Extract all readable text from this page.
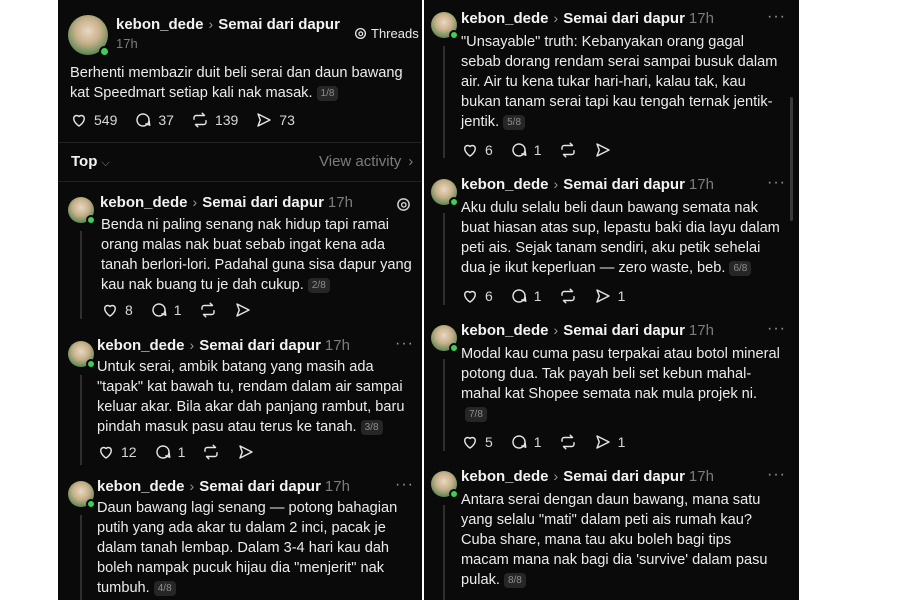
kebon_dede › Semai dari dapur
17h
Threads
Berhenti membazir duit beli serai dan daun bawang kat Speedmart setiap kali nak masak. 1/8
549	37	139	73
Top ⌵	View activity ›
kebon_dede › Semai dari dapur 17h
Benda ni paling senang nak hidup tapi ramai orang malas nak buat sebab ingat kena ada tanah berlori-lori. Padahal guna sisa dapur yang kau nak buang tu je dah cukup. 2/8
8	1
kebon_dede › Semai dari dapur 17h	···
Untuk serai, ambik batang yang masih ada "tapak" kat bawah tu, rendam dalam air sampai keluar akar. Bila akar dah panjang rambut, baru pindah masuk pasu atau terus ke tanah. 3/8
12	1
kebon_dede › Semai dari dapur 17h	···
Daun bawang lagi senang — potong bahagian putih yang ada akar tu dalam 2 inci, pacak je dalam tanah lembap. Dalam 3-4 hari kau dah boleh nampak pucuk hijau dia "menjerit" nak tumbuh. 4/8
kebon_dede › Semai dari dapur 17h	···
"Unsayable" truth: Kebanyakan orang gagal sebab dorang rendam serai sampai busuk dalam air. Air tu kena tukar hari-hari, kalau tak, kau bukan tanam serai tapi kau tengah ternak jentik-jentik. 5/8
6	1
kebon_dede › Semai dari dapur 17h	···
Aku dulu selalu beli daun bawang semata nak buat hiasan atas sup, lepastu baki dia layu dalam peti ais. Sejak tanam sendiri, aku petik sehelai dua je ikut keperluan — zero waste, beb. 6/8
6	1	1
kebon_dede › Semai dari dapur 17h	···
Modal kau cuma pasu terpakai atau botol mineral potong dua. Tak payah beli set kebun mahal-mahal kat Shopee semata nak mula projek ni.7/8
5	1	1
kebon_dede › Semai dari dapur 17h	···
Antara serai dengan daun bawang, mana satu yang selalu "mati" dalam peti ais rumah kau? Cuba share, mana tau aku boleh bagi tips macam mana nak bagi dia 'survive' dalam pasu pulak. 8/8
